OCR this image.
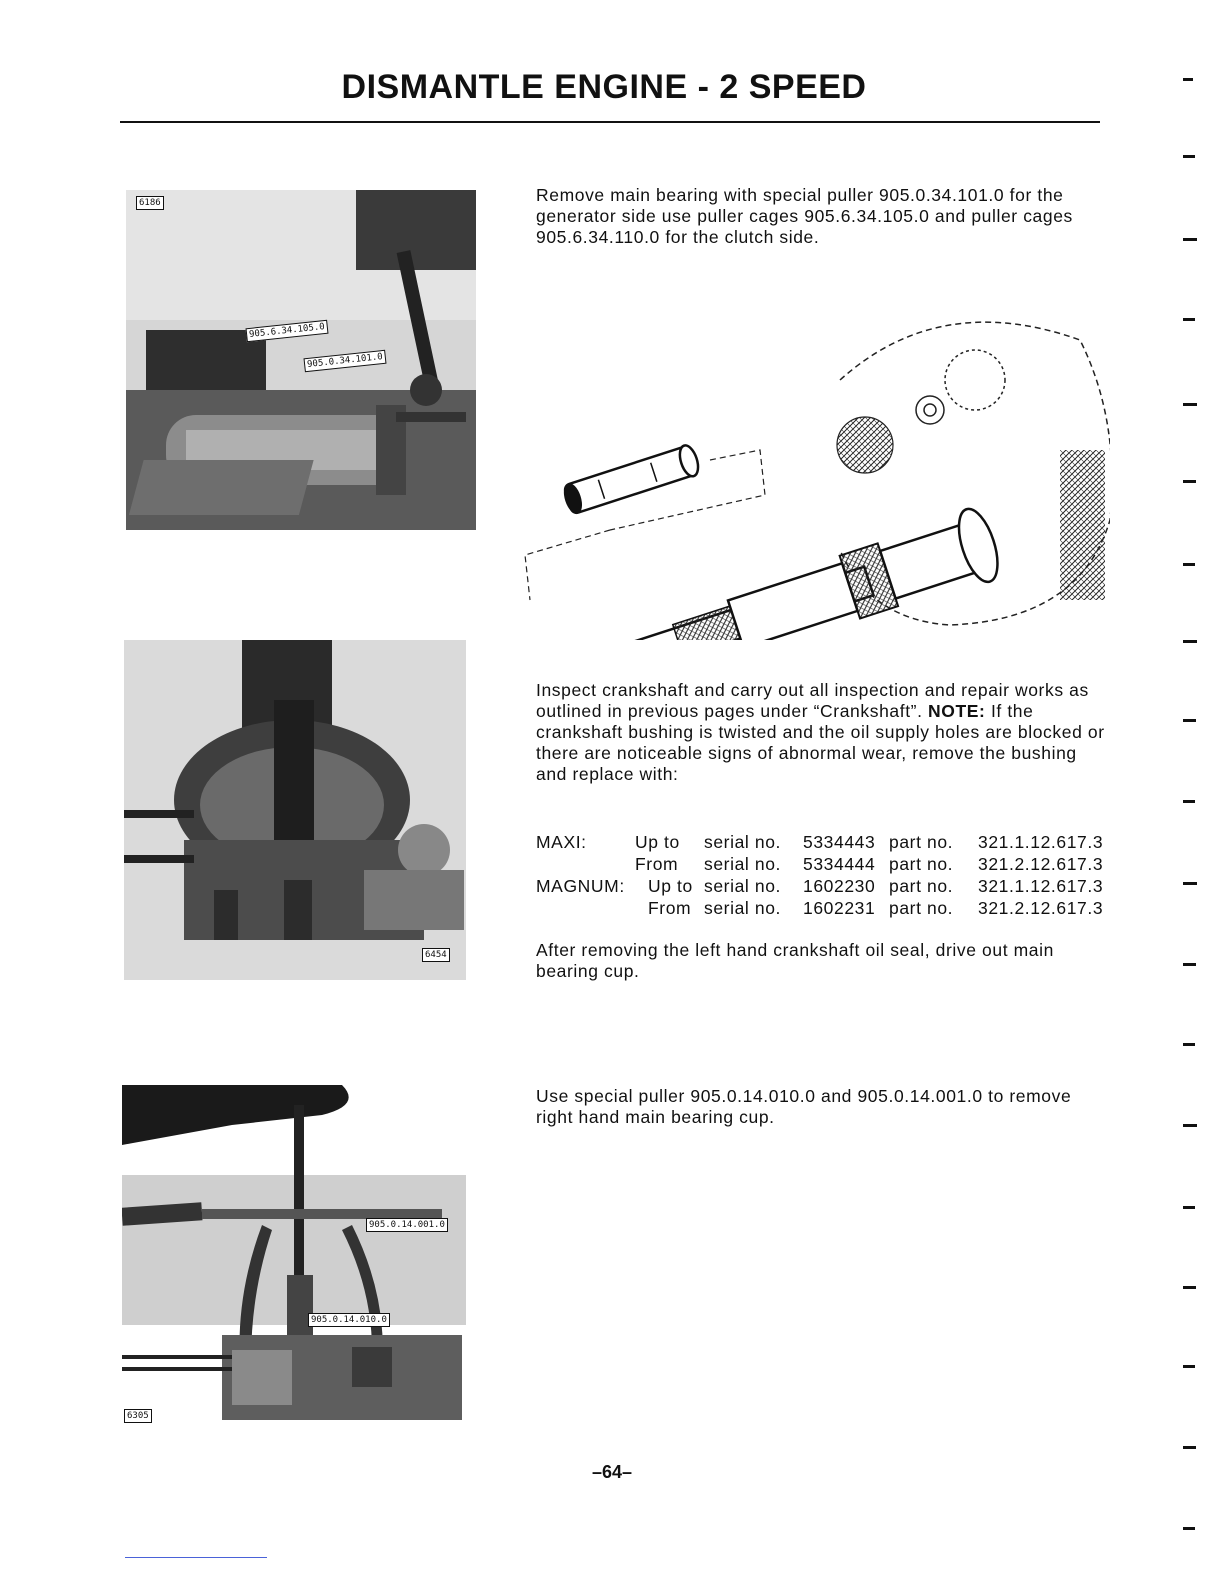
DISMANTLE ENGINE - 2 SPEED
6186
905.6.34.105.0
905.0.34.101.0
6454
905.0.14.001.0
905.0.14.010.0
6305
Remove main bearing with special puller 905.0.34.101.0 for the generator side use puller cages 905.6.34.105.0 and puller cages 905.6.34.110.0 for the clutch side.
Inspect crankshaft and carry out all inspection and repair works as outlined in previous pages under “Crankshaft”. NOTE: If the crankshaft bushing is twisted and the oil supply holes are blocked or there are noticeable signs of abnormal wear, remove the bushing and replace with:
MAXI:	Up to serial no. 5334443 part no. 321.1.12.617.3
From serial no. 5334444 part no. 321.2.12.617.3
MAGNUM: Up to serial no. 1602230 part no. 321.1.12.617.3
From serial no. 1602231 part no. 321.2.12.617.3
After removing the left hand crankshaft oil seal, drive out main bearing cup.
Use special puller 905.0.14.010.0 and 905.0.14.001.0 to remove right hand main bearing cup.
–64–
